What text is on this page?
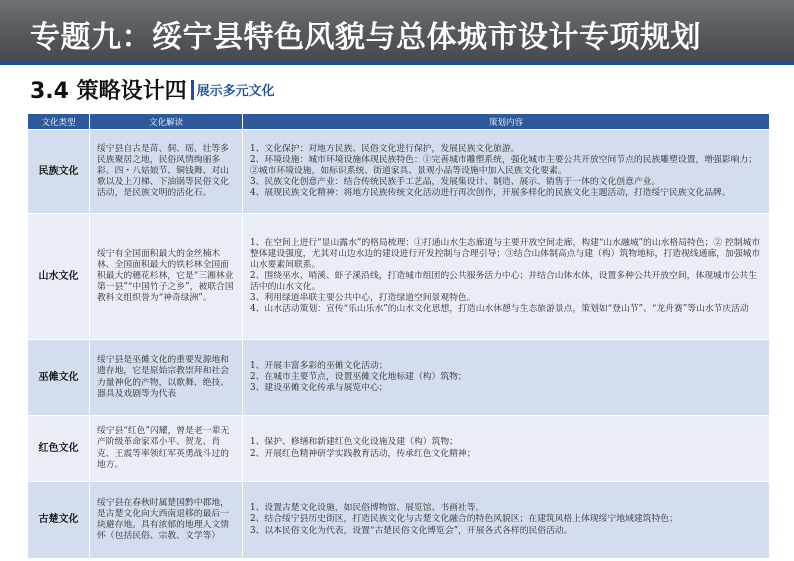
专题九：绥宁县特色风貌与总体城市设计专项规划
3.4 策略设计四 展示多元文化
文化类型	文化解读	策划内容
民族文化	绥宁县自古是苗、侗、瑶、壮等多民族聚居之地，民俗风情绚丽多彩。四・八姑娘节、铜钱舞、对山歌以及上刀梯、下油锅等民俗文化活动，是民族文明的活化石。	1、文化保护：对地方民族、民俗文化进行保护，发展民族文化旅游。
2、环境设施：城市环境设施体现民族特色：①完善城市雕塑系统，强化城市主要公共开放空间节点的民族雕塑设置，增强影响力；②城市环境设施，如标识系统、街道家具、景观小品等设施中加入民族文化要素。
3、民族文化创意产业：结合传统民族手工艺品，发展集设计、制造、展示、销售于一体的文化创意产业。
4、展现民族文化精神：将地方民族传统文化活动进行再次创作，开展多样化的民族文化主题活动，打造绥宁民族文化品牌。

山水文化	绥宁有全国面积最大的金丝楠木林、全国面积最大的铁杉林全国面积最大的穗花杉林，它是“三湘林业第一县”“中国竹子之乡”，被联合国教科文组织誉为“神奇绿洲”。	1、在空间上进行“显山露水”的格局梳理：①打通山水生态廊道与主要开放空间走廊，构建“山水融城”的山水格局特色；② 控制城市整体建设强度，尤其对山边水边的建设进行开发控制与合理引导；③结合山体制高点与建（构）筑物地标，打造视线通廊，加强城市山水要素间联系。
2、围绕巫水、哨溪、虾子溪沿线，打造城市组团的公共服务活力中心；并结合山体水体，设置多种公共开放空间，体现城市公共生活中的山水文化。
3、利用绿道串联主要公共中心，打造绿道空间景观特色。
4、山水活动策划：宣传“乐山乐水”的山水文化思想，打造山水休憩与生态旅游景点，策划如“登山节”、“龙舟赛”等山水节庆活动

巫傩文化	绥宁县是巫傩文化的重要发源地和遗存地，它是原始宗教崇拜和社会力量神化的产物，以歌舞、绝技、器具及戏剧等为代表	1、开展丰富多彩的巫傩文化活动；
2、在城市主要节点，设置巫傩文化地标建（构）筑物；
3、建设巫傩文化传承与展览中心；

红色文化	绥宁县“红色”闪耀，曾是老一辈无产阶级革命家邓小平、贺龙、肖克、王震等率领红军英勇战斗过的地方。	1、保护、修缮和新建红色文化设施及建（构）筑物；
2、开展红色精神研学实践教育活动，传承红色文化精神；

古楚文化	绥宁县在春秋时属楚国黔中郡地，是古楚文化向大西南退移的最后一块避存地。具有浓郁的地理人文情怀（包括民俗、宗教、文学等）	1、设置古楚文化设施，如民俗博物馆、展览馆、书画社等。
2、结合绥宁县历史街区，打造民族文化与古楚文化融合的特色风貌区；在建筑风格上体现绥宁地域建筑特色；
3、以本民俗文化为代表，设置“古楚民俗文化博览会”，开展各式各样的民俗活动。
